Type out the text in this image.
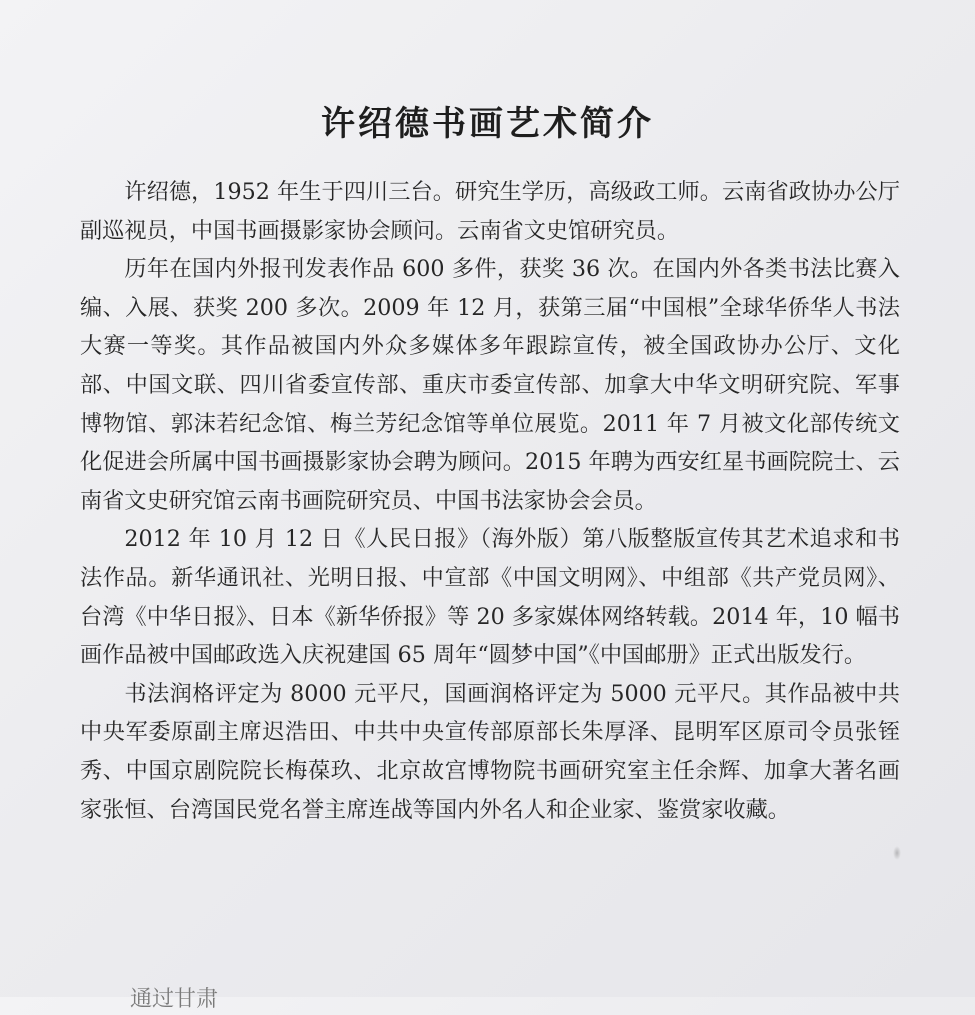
许绍德书画艺术简介

许绍德，1952 年生于四川三台。研究生学历，高级政工师。云南省政协办公厅副巡视员，中国书画摄影家协会顾问。云南省文史馆研究员。

历年在国内外报刊发表作品 600 多件，获奖 36 次。在国内外各类书法比赛入编、入展、获奖 200 多次。2009 年 12 月，获第三届“中国根”全球华侨华人书法大赛一等奖。其作品被国内外众多媒体多年跟踪宣传，被全国政协办公厅、文化部、中国文联、四川省委宣传部、重庆市委宣传部、加拿大中华文明研究院、军事博物馆、郭沫若纪念馆、梅兰芳纪念馆等单位展览。2011 年 7 月被文化部传统文化促进会所属中国书画摄影家协会聘为顾问。2015 年聘为西安红星书画院院士、云南省文史研究馆云南书画院研究员、中国书法家协会会员。

2012 年 10 月 12 日《人民日报》（海外版）第八版整版宣传其艺术追求和书法作品。新华通讯社、光明日报、中宣部《中国文明网》、中组部《共产党员网》、台湾《中华日报》、日本《新华侨报》等 20 多家媒体网络转载。2014 年，10 幅书画作品被中国邮政选入庆祝建国 65 周年“圆梦中国”《中国邮册》正式出版发行。

书法润格评定为 8000 元平尺，国画润格评定为 5000 元平尺。其作品被中共中央军委原副主席迟浩田、中共中央宣传部原部长朱厚泽、昆明军区原司令员张铚秀、中国京剧院院长梅葆玖、北京故宫博物院书画研究室主任余辉、加拿大著名画家张恒、台湾国民党名誉主席连战等国内外名人和企业家、鉴赏家收藏。

通过甘肃
